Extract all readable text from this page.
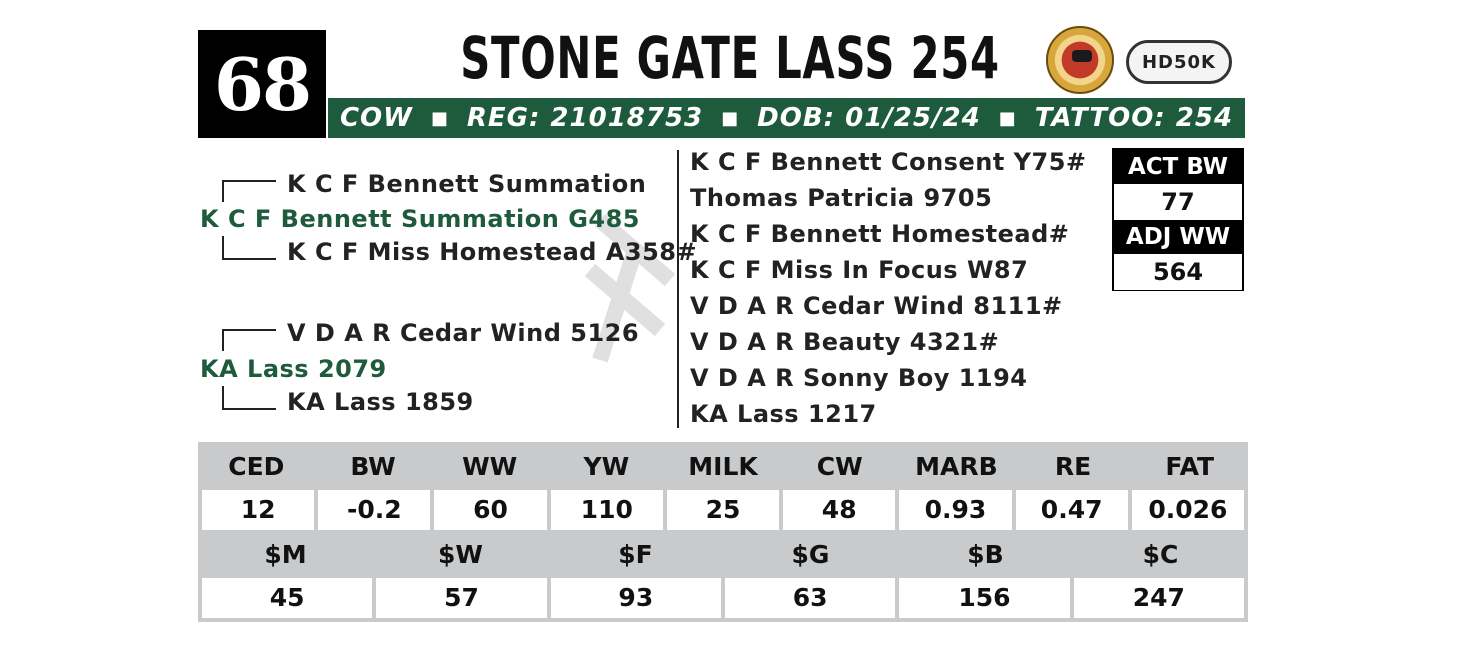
68	STONE GATE LASS 254	HD50K
COW ■ REG: 21018753 ■ DOB: 01/25/24 ■ TATTOO: 254
K C F Bennett Summation
K C F Bennett Summation G485
K C F Miss Homestead A358#
V D A R Cedar Wind 5126
KA Lass 2079
KA Lass 1859
K C F Bennett Consent Y75#
Thomas Patricia 9705
K C F Bennett Homestead#
K C F Miss In Focus W87
V D A R Cedar Wind 8111#
V D A R Beauty 4321#
V D A R Sonny Boy 1194
KA Lass 1217
ACT BW
77
ADJ WW
564
CED	BW	WW	YW	MILK	CW	MARB	RE	FAT
12	-0.2	60	110	25	48	0.93	0.47	0.026
$M	$W	$F	$G	$B	$C
45	57	93	63	156	247
